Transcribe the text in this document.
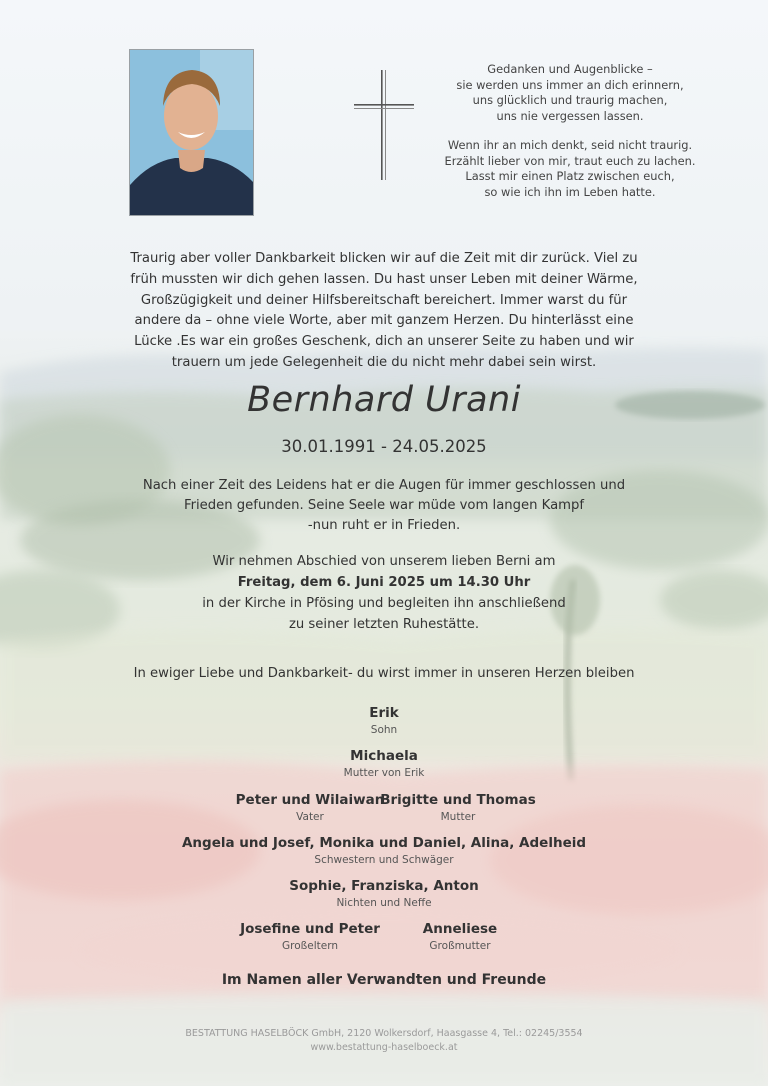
Gedanken und Augenblicke –
sie werden uns immer an dich erinnern,
uns glücklich und traurig machen,
uns nie vergessen lassen.

Wenn ihr an mich denkt, seid nicht traurig.
Erzählt lieber von mir, traut euch zu lachen.
Lasst mir einen Platz zwischen euch,
so wie ich ihn im Leben hatte.

Traurig aber voller Dankbarkeit blicken wir auf die Zeit mit dir zurück. Viel zu
früh mussten wir dich gehen lassen. Du hast unser Leben mit deiner Wärme,
Großzügigkeit und deiner Hilfsbereitschaft bereichert. Immer warst du für
andere da – ohne viele Worte, aber mit ganzem Herzen. Du hinterlässt eine
Lücke .Es war ein großes Geschenk, dich an unserer Seite zu haben und wir
trauern um jede Gelegenheit die du nicht mehr dabei sein wirst.
Bernhard Urani
30.01.1991 - 24.05.2025
Nach einer Zeit des Leidens hat er die Augen für immer geschlossen und
Frieden gefunden. Seine Seele war müde vom langen Kampf
-nun ruht er in Frieden.
Wir nehmen Abschied von unserem lieben Berni am
Freitag, dem 6. Juni 2025 um 14.30 Uhr
in der Kirche in Pfösing und begleiten ihn anschließend
zu seiner letzten Ruhestätte.
In ewiger Liebe und Dankbarkeit- du wirst immer in unseren Herzen bleiben
Erik
Sohn
Michaela
Mutter von Erik
Peter und Wilaiwan
Vater
Brigitte und Thomas
Mutter
Angela und Josef, Monika und Daniel, Alina, Adelheid
Schwestern und Schwäger
Sophie, Franziska, Anton
Nichten und Neffe
Josefine und Peter
Großeltern
Anneliese
Großmutter
Im Namen aller Verwandten und Freunde
BESTATTUNG HASELBÖCK GmbH, 2120 Wolkersdorf, Haasgasse 4, Tel.: 02245/3554
www.bestattung-haselboeck.at
